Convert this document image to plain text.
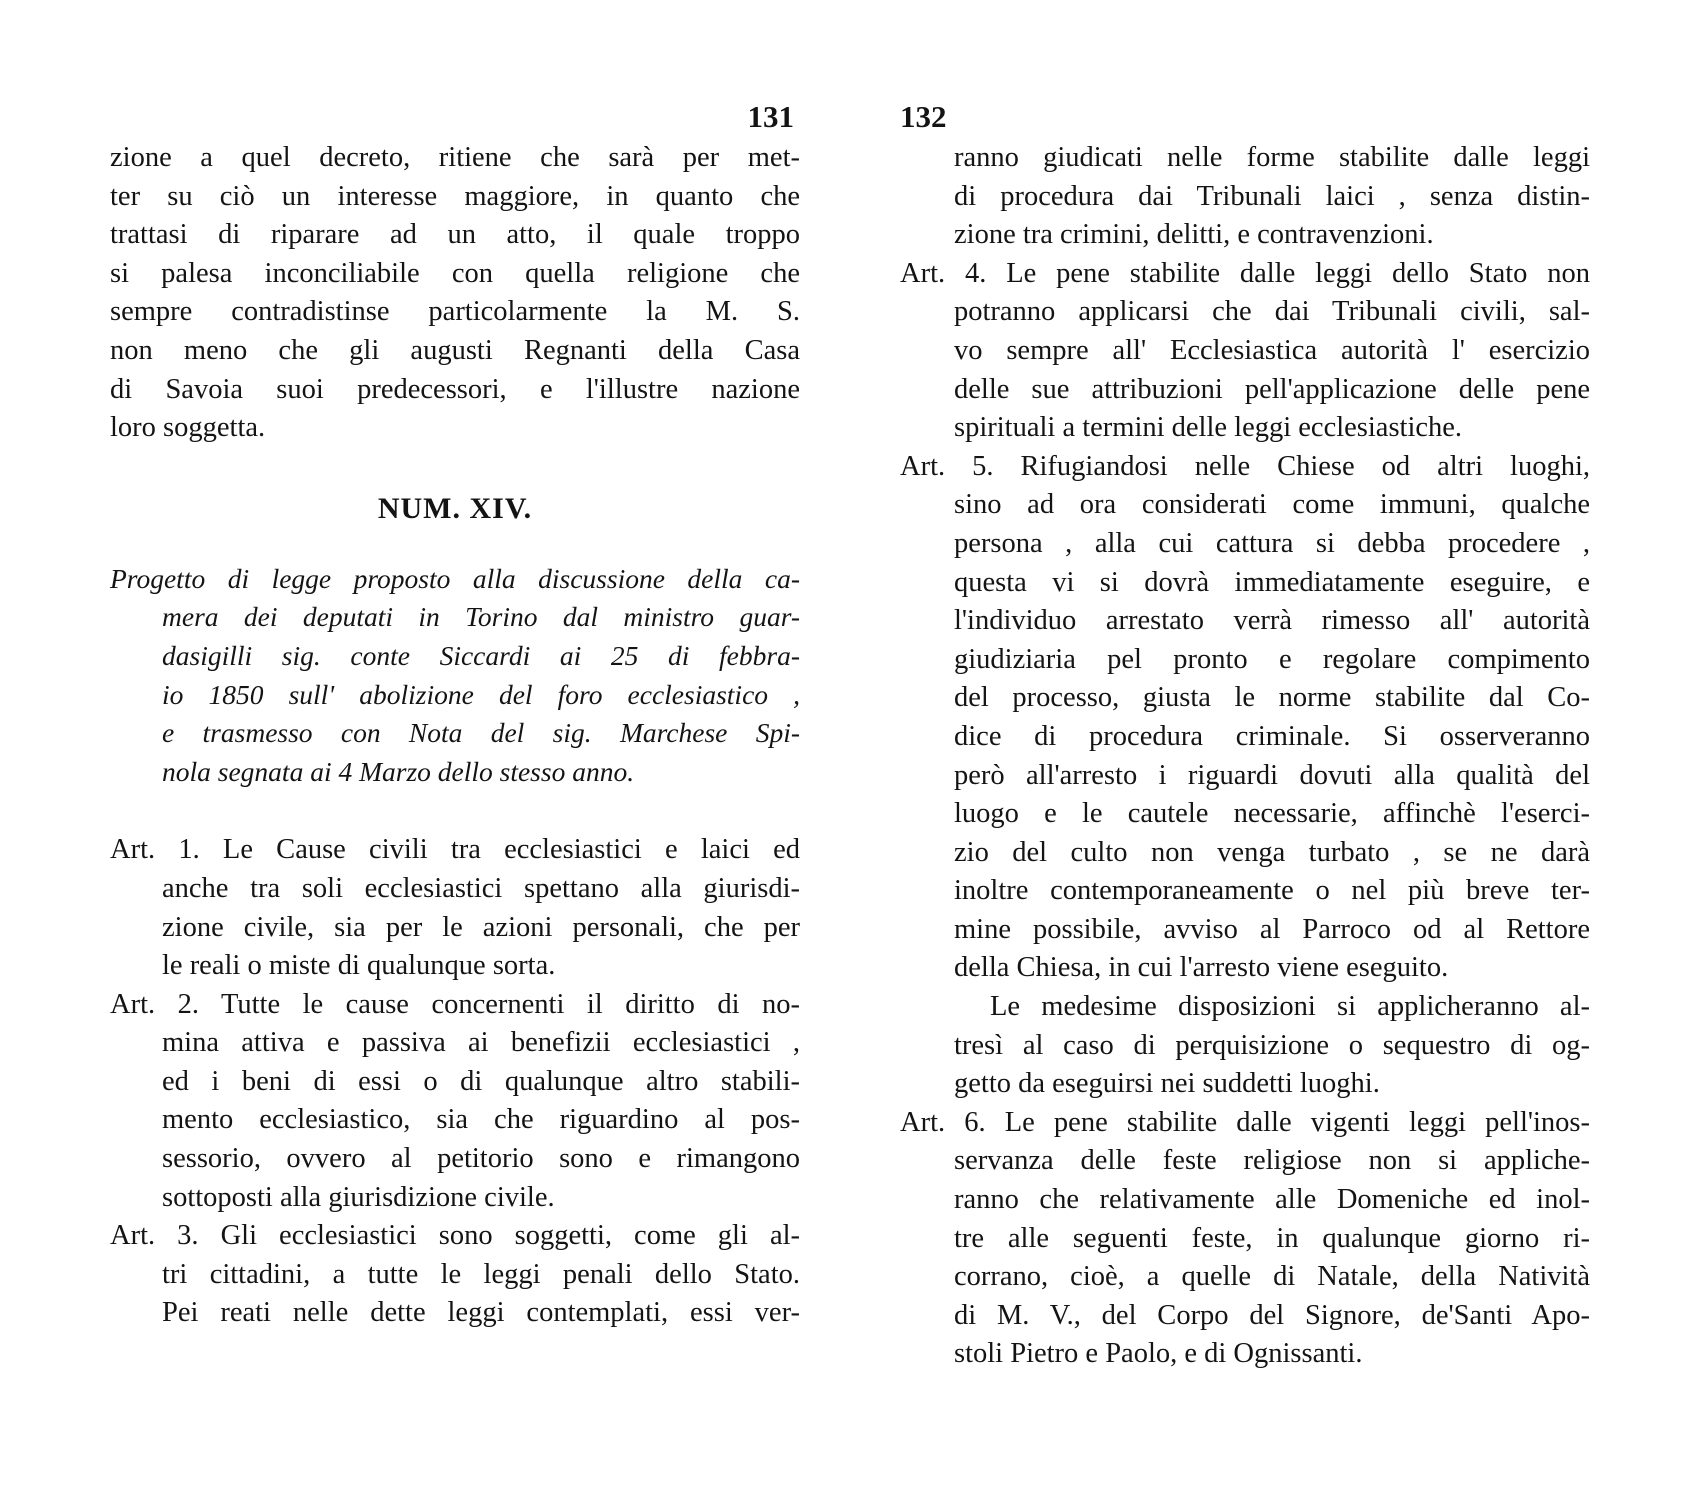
131
zione a quel decreto, ritiene che sarà per met-
ter su ciò un interesse maggiore, in quanto che
trattasi di riparare ad un atto, il quale troppo
si palesa inconciliabile con quella religione che
sempre contradistinse particolarmente la M. S.
non meno che gli augusti Regnanti della Casa
di Savoia suoi predecessori, e l'illustre nazione
loro soggetta.
NUM. XIV.
Progetto di legge proposto alla discussione della ca-
mera dei deputati in Torino dal ministro guar-
dasigilli sig. conte Siccardi ai 25 di febbra-
io 1850 sull' abolizione del foro ecclesiastico ,
e trasmesso con Nota del sig. Marchese Spi-
nola segnata ai 4 Marzo dello stesso anno.
Art. 1. Le Cause civili tra ecclesiastici e laici ed
anche tra soli ecclesiastici spettano alla giurisdi-
zione civile, sia per le azioni personali, che per
le reali o miste di qualunque sorta.
Art. 2. Tutte le cause concernenti il diritto di no-
mina attiva e passiva ai benefizii ecclesiastici ,
ed i beni di essi o di qualunque altro stabili-
mento ecclesiastico, sia che riguardino al pos-
sessorio, ovvero al petitorio sono e rimangono
sottoposti alla giurisdizione civile.
Art. 3. Gli ecclesiastici sono soggetti, come gli al-
tri cittadini, a tutte le leggi penali dello Stato.
Pei reati nelle dette leggi contemplati, essi ver-
132
ranno giudicati nelle forme stabilite dalle leggi
di procedura dai Tribunali laici , senza distin-
zione tra crimini, delitti, e contravenzioni.
Art. 4. Le pene stabilite dalle leggi dello Stato non
potranno applicarsi che dai Tribunali civili, sal-
vo sempre all' Ecclesiastica autorità l' esercizio
delle sue attribuzioni pell'applicazione delle pene
spirituali a termini delle leggi ecclesiastiche.
Art. 5. Rifugiandosi nelle Chiese od altri luoghi,
sino ad ora considerati come immuni, qualche
persona , alla cui cattura si debba procedere ,
questa vi si dovrà immediatamente eseguire, e
l'individuo arrestato verrà rimesso all' autorità
giudiziaria pel pronto e regolare compimento
del processo, giusta le norme stabilite dal Co-
dice di procedura criminale. Si osserveranno
però all'arresto i riguardi dovuti alla qualità del
luogo e le cautele necessarie, affinchè l'eserci-
zio del culto non venga turbato , se ne darà
inoltre contemporaneamente o nel più breve ter-
mine possibile, avviso al Parroco od al Rettore
della Chiesa, in cui l'arresto viene eseguito.
Le medesime disposizioni si applicheranno al-
tresì al caso di perquisizione o sequestro di og-
getto da eseguirsi nei suddetti luoghi.
Art. 6. Le pene stabilite dalle vigenti leggi pell'inos-
servanza delle feste religiose non si appliche-
ranno che relativamente alle Domeniche ed inol-
tre alle seguenti feste, in qualunque giorno ri-
corrano, cioè, a quelle di Natale, della Natività
di M. V., del Corpo del Signore, de'Santi Apo-
stoli Pietro e Paolo, e di Ognissanti.
